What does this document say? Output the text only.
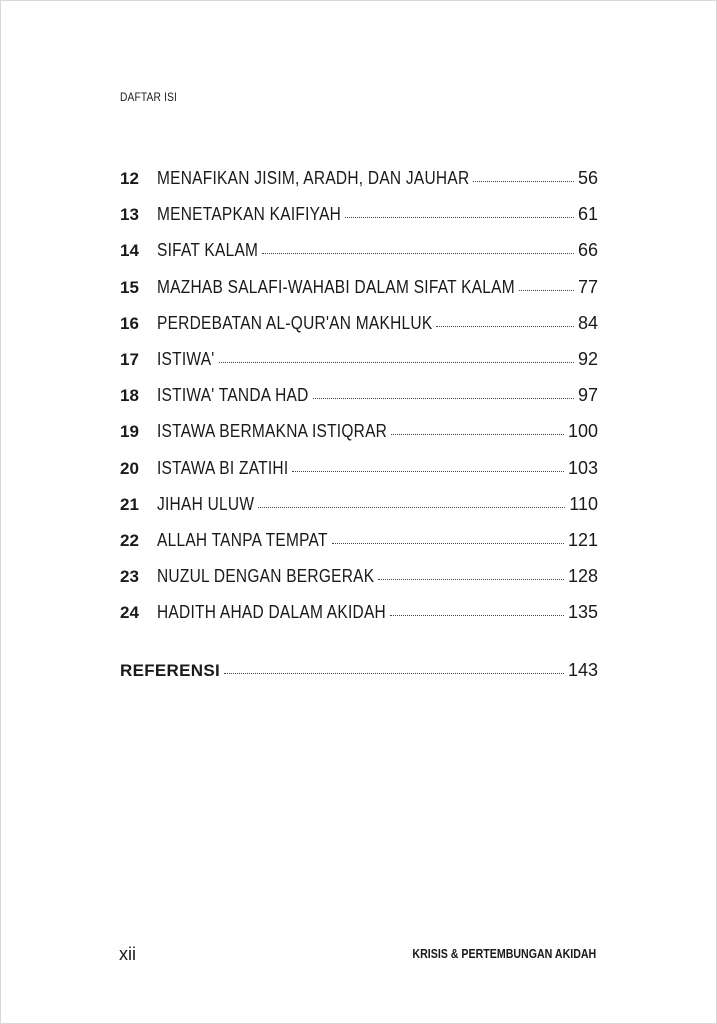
DAFTAR ISI
12	MENAFIKAN JISIM, ARADH, DAN JAUHAR	56
13	MENETAPKAN KAIFIYAH	61
14	SIFAT KALAM	66
15	MAZHAB SALAFI-WAHABI DALAM SIFAT KALAM	77
16	PERDEBATAN AL-QUR'AN MAKHLUK	84
17	ISTIWA'	92
18	ISTIWA' TANDA HAD	97
19	ISTAWA BERMAKNA ISTIQRAR	100
20	ISTAWA BI ZATIHI	103
21	JIHAH ULUW	110
22	ALLAH TANPA TEMPAT	121
23	NUZUL DENGAN BERGERAK	128
24	HADITH AHAD DALAM AKIDAH	135
REFERENSI	143
xii	KRISIS & PERTEMBUNGAN AKIDAH
